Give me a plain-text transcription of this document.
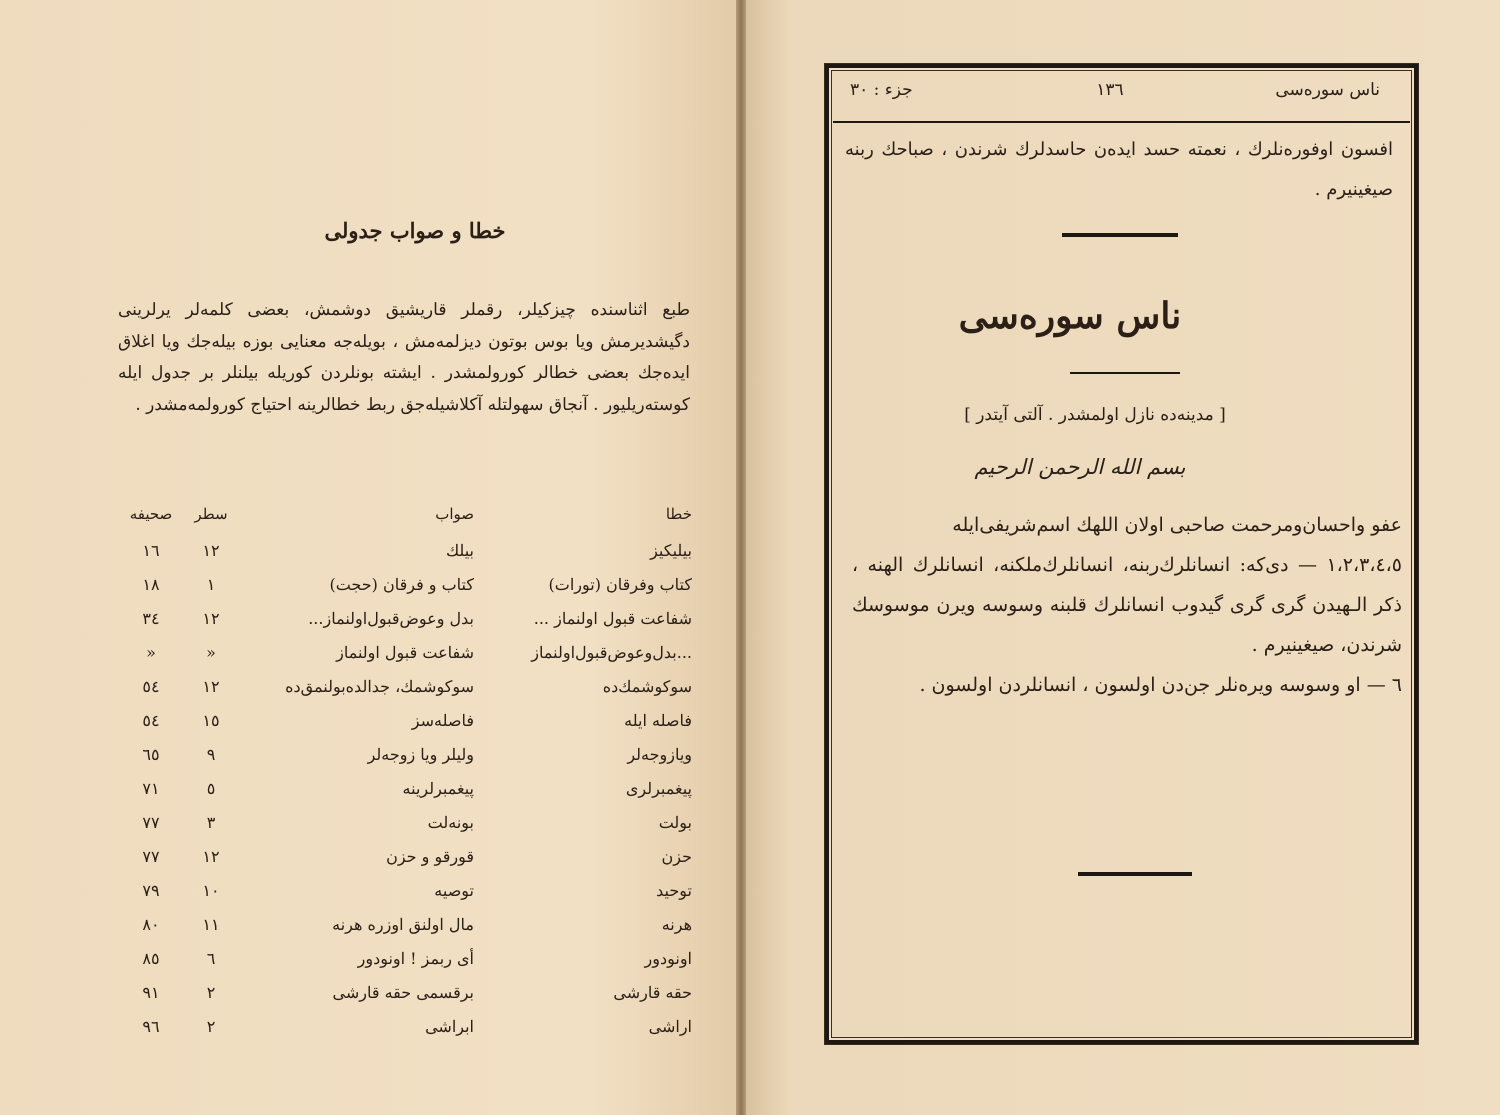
خطا و صواب جدولی
طبع اثناسنده چیزکیلر، رقملر قاریشیق دوشمش، بعضی کلمه‌لر یرلرینی دگیشدیرمش ویا بوس بوتون دیزلمه‌مش ، بویله‌جه معنایی بوزه بیله‌جك ویا اغلاق ایده‌جك بعضی خطالر کورولمشدر . ایشته بونلردن کوریله بیلنلر بر جدول ایله کوسته‌ریلیور . آنجاق سهولتله آکلاشیله‌جق ربط خطالرینه احتیاج کورولمه‌مشدر .
خطا
صواب
سطر
صحیفه
بیلیکیز
بیلك
١٢
١٦
کتاب وفرقان (تورات)
کتاب و فرقان (حجت)
١
١٨
شفاعت قبول اولنماز ...
بدل وعوض‌قبول‌اولنماز...
١٢
٣٤
...بدل‌وعوض‌قبول‌اولنماز
شفاعت قبول اولنماز
»
»
سوکوشمك‌ده
سوکوشمك، جدالده‌بولنمق‌ده
١٢
٥٤
فاصله ایله
فاصله‌سز
١٥
٥٤
ویازوجه‌لر
ولیلر ویا زوجه‌لر
٩
٦٥
پیغمبرلری
پیغمبرلرینه
٥
٧١
بولت
بونه‌لت
٣
٧٧
حزن
قورقو و حزن
١٢
٧٧
توحید
توصیه
١٠
٧٩
هرنه
مال اولنق اوزره هرنه
١١
٨٠
اونودور
أی ربمز ! اونودور
٦
٨٥
حقه قارشی
برقسمی حقه قارشی
٢
٩١
اراشی
ابراشی
٢
٩٦
ناس سوره‌سی
١٣٦
جزء : ٣٠
افسون اوفوره‌نلرك ، نعمته حسد ایده‌ن حاسدلرك شرندن ، صباحك ربنه صیغینیرم .
ناس سوره‌سی
[ مدینه‌ده نازل اولمشدر . آلتی آیتدر ]
بسم الله الرحمن الرحیم

عفو واحسان‌ومرحمت صاحبی اولان اللهك اسم‌شریفی‌ایله

١،٢،٣،٤،٥ — دی‌که: انسانلرك‌ربنه، انسانلرك‌ملكنه، انسانلرك الهنه ، ذکر الـهیدن گری گری گیدوب انسانلرك قلبنه وسوسه ویرن موسوسك شرندن، صیغینیرم .

٦ — او وسوسه ویره‌نلر جن‌دن اولسون ، انسانلردن اولسون .
